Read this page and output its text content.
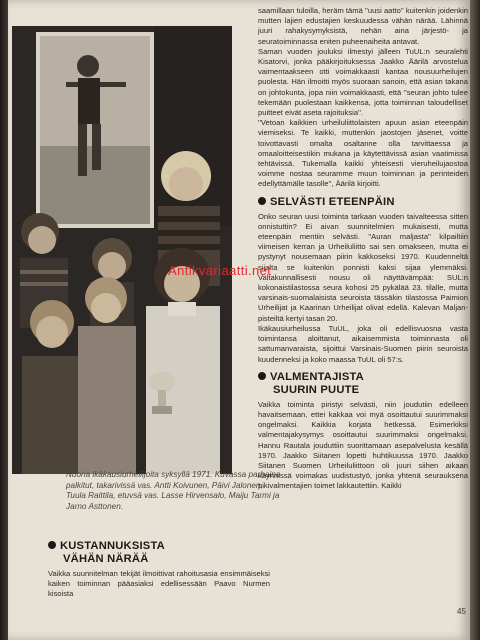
Nuoria ikäkausiurheilijoita syksyllä 1971. Kuvassa parhaina palkitut, takarivissä vas. Antti Koivunen, Päivi Jalonen, Tuula Raittila, etuvsä vas. Lasse Hirvensalo, Maiju Tarmi ja Jarno Asttonen.

KUSTANNUKSISTA
VÄHÄN NÄRÄÄ

Vaikka suunnitelman tekijät ilmoittivat rahoitusasia ensimmäiseksi kaiken toiminnan pääasiaksi edellisessään Paavo Nurmen kisoista

saamillaan tuloilla, heräm tämä ''uusi aatto'' kuitenkin joidenkin mutten lajien edustajien keskuudessa vähän närää. Lähinnä juuri rahakysymyksistä, nehän aina järjestö- ja seuratoiminnassa eniten puheenaiheita antavat.
Saman vuoden jouluksi ilmestyi jälleen TuUL:n seuralehti Kisatorvi, jonka pääkirjoituksessa Jaakko Äärilä arvostelua vaimentaakseen otti voimakkaasti kantaa nousuurheilujen puolesta. Hän ilmoitti myös suoraan sanoin, että asian takana on johtokunta, jopa niin voimakkaasti, että ''seuran johto tulee tekemään puolestaan kaikkensa, jotta toiminnan taloudelliset puitteet eivät aseta rajoituksia''.
''Vetoan kaikkien urheiluliittolaisten apuun asian eteenpäin viemiseksi. Te kaikki, muttenkin jaostojen jäsenet, voitte toivottavasti omalta osaltanne olla tarvittaessa ja omaaloitteisestikin mukana ja käytettävissä asian vaatimissa tehtävissä. Tukemalla kaikki yhteisesti vieruheilujaostoa voimme nostaa seuramme muun toiminnan ja perinteiden edellyttämälle tasolle'', Äärilä kirjoitti.

SELVÄSTI ETEENPÄIN

Onko seuran uusi toiminta tarkaan vuoden taivalteessa sitten onnistuttin? Ei aivan suunnitelmien mukaisesti, mutta eteenpäin mentiin selvästi. ''Auran maljasta'' kilpailtiin viimeisen kerran ja Urheiluliitto sai sen omakseen, mutta ei pystynyt nousemaan piirin kakkoseksi 1970. Kuudenneltä sijalta se kuitenkin ponnisti kaksi sijaa ylemmäksi. Valtakunnallisesti nousu oli näyttävämpää: SUL:n kokonaistilastossa seura kohosi 25 pykälää 23. tilalle, mutta varsinais-suomalaisista seuroista tässäkin tilastossa Paimion Urheilijat ja Kaarinan Urheilijat olivat edellä. Kalevan Maljan-pisteiltä kertyi tasan 20.
Ikäkausiurheilussa TuUL, joka oli edellisvuosna vasta toimintansa aloittanut, aikaisemmista toiminnasta oli sattumanvaraista, sijoittui Varsinais-Suomen piirin seuroista kuudenneksi ja koko maassa TuUL oli 57:s.

VALMENTAJISTA
SUURIN PUUTE

Vaikka toiminta piristyi selvästi, niin joudutiin edelleen havaitsemaan, ettei kakkaa voi myä osoittautui suurimmaksi ongelmaksi. Kaikkia korjata hetkessä. Esimerkiksi valmentajakysymys osoittautui suurimmaksi ongelmaksi. Hannu Rautala jouduttiin suorittamaan asepalvelusta kesällä 1970. Jaakko Siitanen lopetti huhtikuussa 1970. Jaakko Siitanen Suomen Urheiluliittoon oli juuri siihen aikaan käynnissä voimakas uudistustyö, jonka yhtenä seurauksena pikivalmentajien toimet lakkautettiin. Kaikki

Antikvariaatti.net
45
